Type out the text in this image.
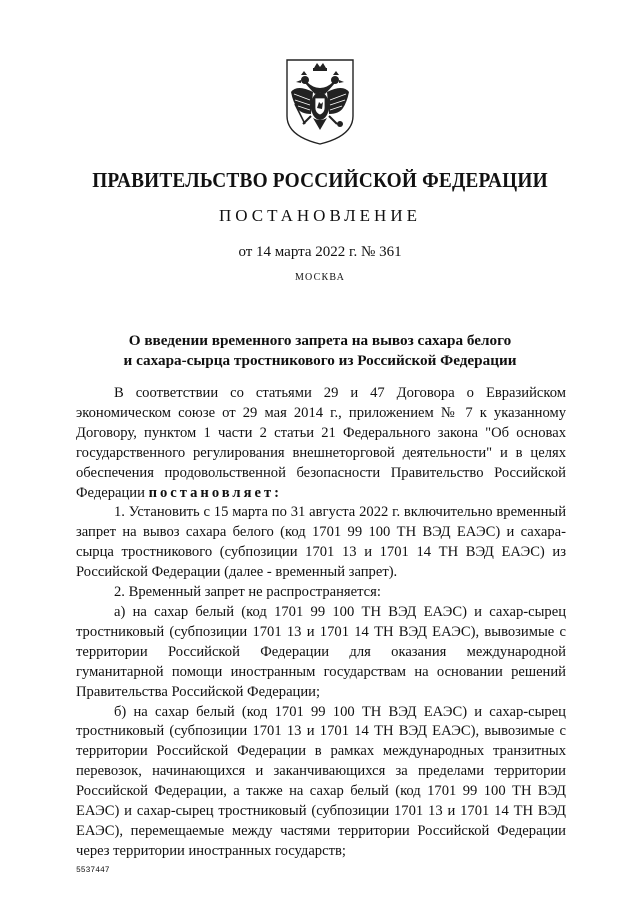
ПРАВИТЕЛЬСТВО РОССИЙСКОЙ ФЕДЕРАЦИИ
ПОСТАНОВЛЕНИЕ
от 14 марта 2022 г. № 361
МОСКВА
О введении временного запрета на вывоз сахара белого
и сахара-сырца тростникового из Российской Федерации

В соответствии со статьями 29 и 47 Договора о Евразийском экономическом союзе от 29 мая 2014 г., приложением № 7 к указанному Договору, пунктом 1 части 2 статьи 21 Федерального закона "Об основах государственного регулирования внешнеторговой деятельности" и в целях обеспечения продовольственной безопасности Правительство Российской Федерации постановляет:

1. Установить с 15 марта по 31 августа 2022 г. включительно временный запрет на вывоз сахара белого (код 1701 99 100 ТН ВЭД ЕАЭС) и сахара-сырца тростникового (субпозиции 1701 13 и 1701 14 ТН ВЭД ЕАЭС) из Российской Федерации (далее - временный запрет).

2. Временный запрет не распространяется:

а) на сахар белый (код 1701 99 100 ТН ВЭД ЕАЭС) и сахар-сырец тростниковый (субпозиции 1701 13 и 1701 14 ТН ВЭД ЕАЭС), вывозимые с территории Российской Федерации для оказания международной гуманитарной помощи иностранным государствам на основании решений Правительства Российской Федерации;

б) на сахар белый (код 1701 99 100 ТН ВЭД ЕАЭС) и сахар-сырец тростниковый (субпозиции 1701 13 и 1701 14 ТН ВЭД ЕАЭС), вывозимые с территории Российской Федерации в рамках международных транзитных перевозок, начинающихся и заканчивающихся за пределами территории Российской Федерации, а также на сахар белый (код 1701 99 100 ТН ВЭД ЕАЭС) и сахар-сырец тростниковый (субпозиции 1701 13 и 1701 14 ТН ВЭД ЕАЭС), перемещаемые между частями территории Российской Федерации через территории иностранных государств;

5537447
